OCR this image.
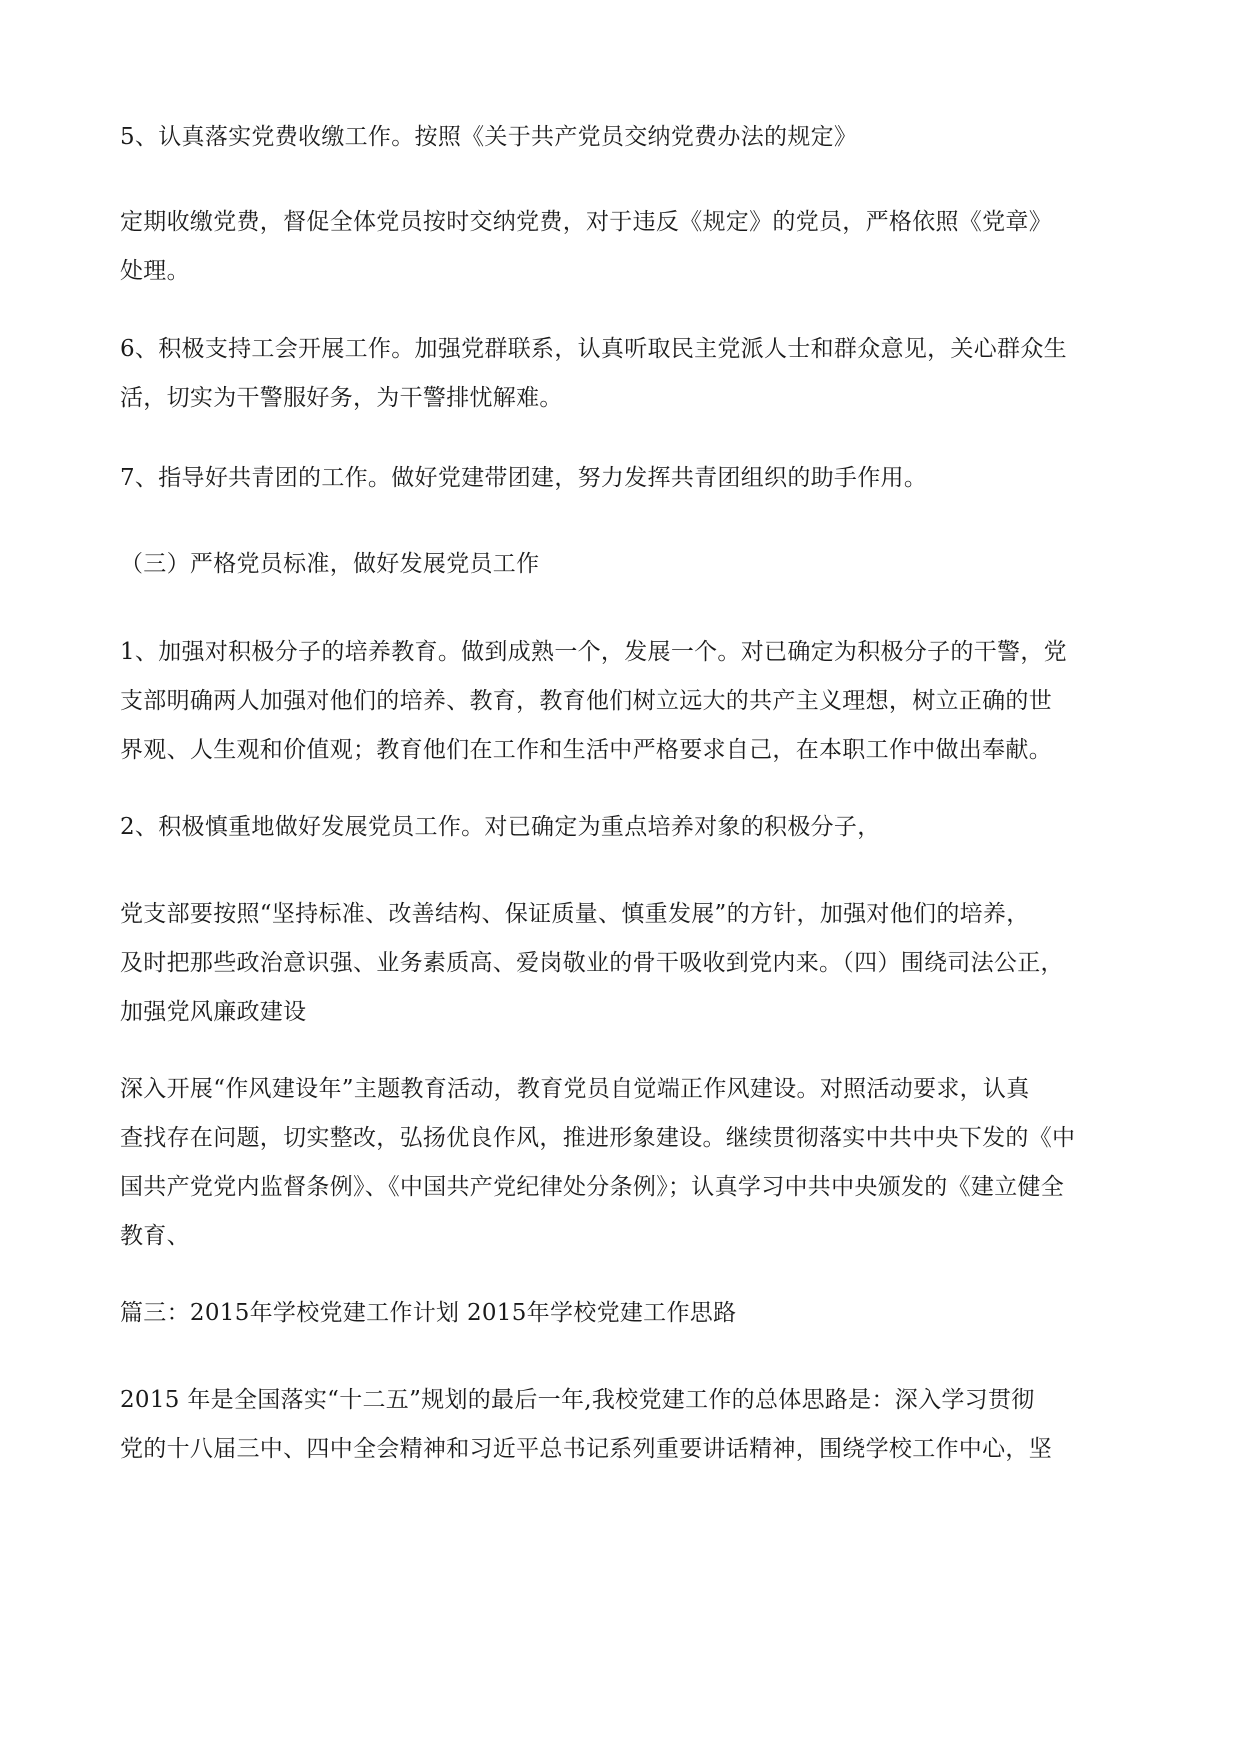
5、认真落实党费收缴工作。按照《关于共产党员交纳党费办法的规定》
定期收缴党费，督促全体党员按时交纳党费，对于违反《规定》的党员，严格依照《党章》
处理。
6、积极支持工会开展工作。加强党群联系，认真听取民主党派人士和群众意见，关心群众生
活，切实为干警服好务，为干警排忧解难。
7、指导好共青团的工作。做好党建带团建，努力发挥共青团组织的助手作用。
（三）严格党员标准，做好发展党员工作
1、加强对积极分子的培养教育。做到成熟一个，发展一个。对已确定为积极分子的干警，党
支部明确两人加强对他们的培养、教育，教育他们树立远大的共产主义理想，树立正确的世
界观、人生观和价值观；教育他们在工作和生活中严格要求自己，在本职工作中做出奉献。
2、积极慎重地做好发展党员工作。对已确定为重点培养对象的积极分子，
党支部要按照“坚持标准、改善结构、保证质量、慎重发展”的方针，加强对他们的培养，
及时把那些政治意识强、业务素质高、爱岗敬业的骨干吸收到党内来。（四）围绕司法公正，
加强党风廉政建设
深入开展“作风建设年”主题教育活动，教育党员自觉端正作风建设。对照活动要求，认真
查找存在问题，切实整改，弘扬优良作风，推进形象建设。继续贯彻落实中共中央下发的《中
国共产党党内监督条例》、《中国共产党纪律处分条例》；认真学习中共中央颁发的《建立健全
教育、
篇三：2015年学校党建工作计划 2015年学校党建工作思路
2015 年是全国落实“十二五”规划的最后一年,我校党建工作的总体思路是：深入学习贯彻
党的十八届三中、四中全会精神和习近平总书记系列重要讲话精神，围绕学校工作中心，坚
